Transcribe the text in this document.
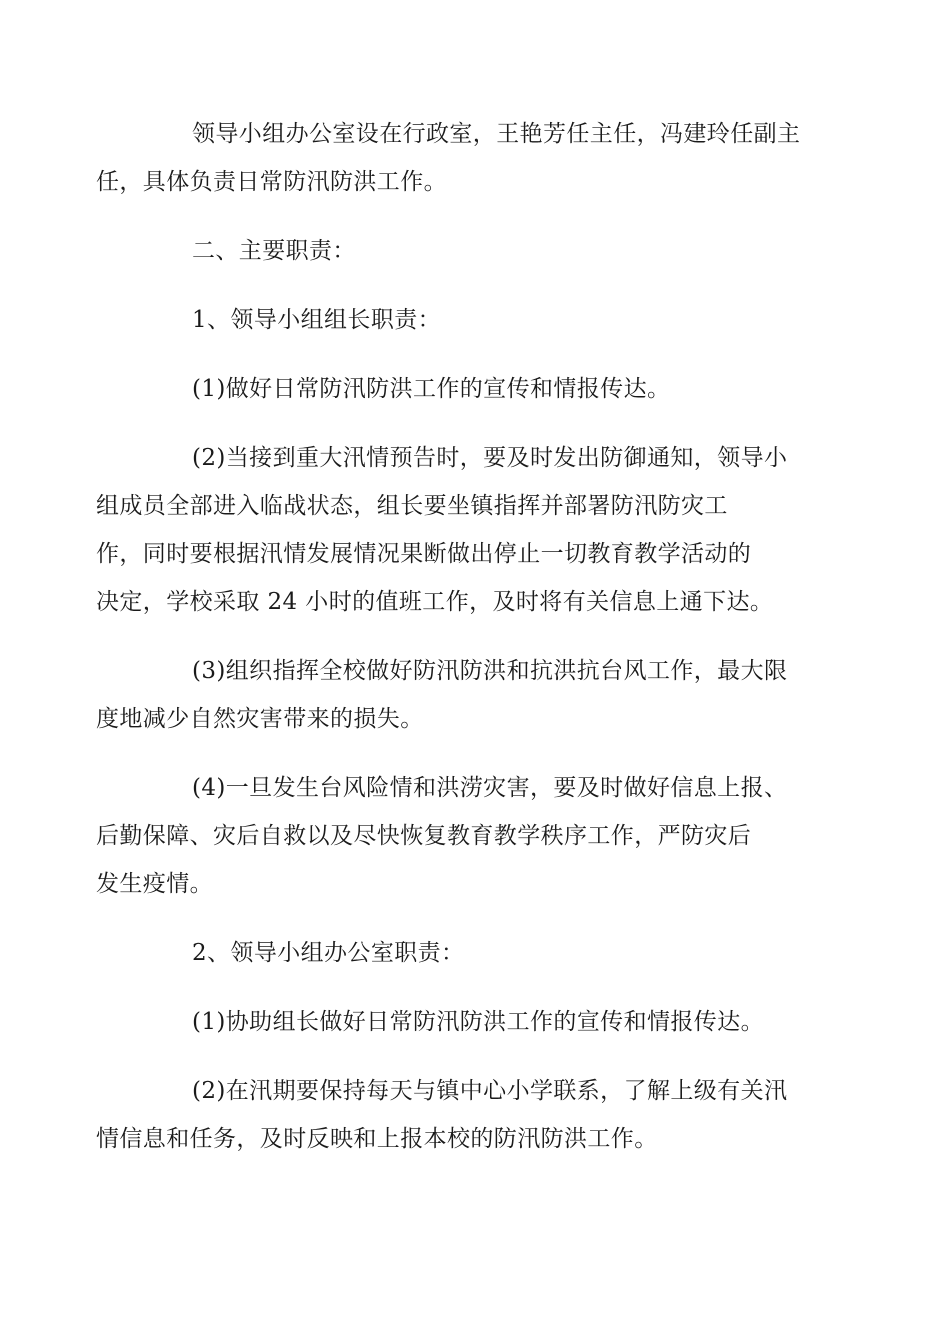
领导小组办公室设在行政室，王艳芳任主任，冯建玲任副主
任，具体负责日常防汛防洪工作。

二、主要职责：

1、领导小组组长职责：

(1)做好日常防汛防洪工作的宣传和情报传达。

(2)当接到重大汛情预告时，要及时发出防御通知，领导小
组成员全部进入临战状态，组长要坐镇指挥并部署防汛防灾工
作，同时要根据汛情发展情况果断做出停止一切教育教学活动的
决定，学校采取 24 小时的值班工作，及时将有关信息上通下达。

(3)组织指挥全校做好防汛防洪和抗洪抗台风工作，最大限
度地减少自然灾害带来的损失。

(4)一旦发生台风险情和洪涝灾害，要及时做好信息上报、
后勤保障、灾后自救以及尽快恢复教育教学秩序工作，严防灾后
发生疫情。

2、领导小组办公室职责：

(1)协助组长做好日常防汛防洪工作的宣传和情报传达。

(2)在汛期要保持每天与镇中心小学联系，了解上级有关汛
情信息和任务，及时反映和上报本校的防汛防洪工作。
